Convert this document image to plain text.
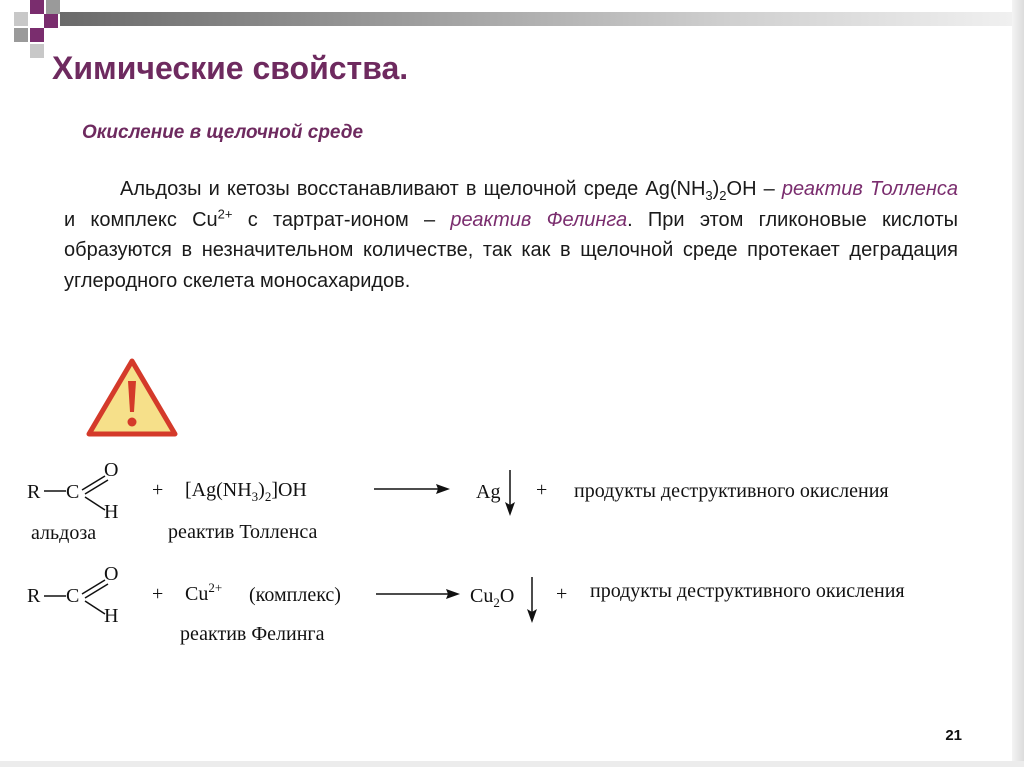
Химические свойства.
Окисление в щелочной среде
Альдозы и кетозы восстанавливают в щелочной среде $Ag(NH_3)_2OH$ – реактив Толленса и комплекс $Cu^{2+}$ с тартрат-ионом – реактив Фелинга. При этом гликоновые кислоты образуются в незначительном количестве, так как в щелочной среде протекает деградация углеродного скелета моносахаридов.
R C
O
H
альдоза
+ $[Ag(NH_3)_2]OH$
реактив Толленса
Ag + продукты деструктивного окисления
R C
O
H
+ $Cu^{2+}$ (комплекс)
реактив Фелинга
$Cu_2O$ + продукты деструктивного окисления
21
